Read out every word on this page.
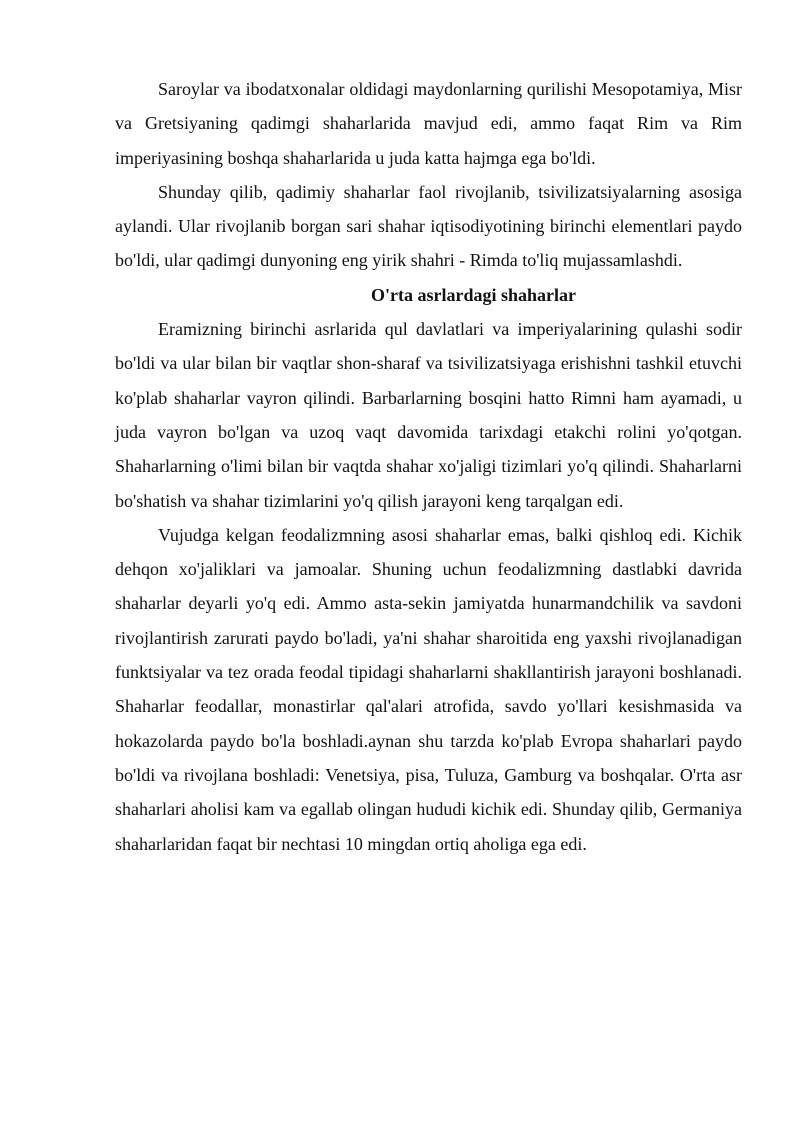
Saroylar va ibodatxonalar oldidagi maydonlarning qurilishi Mesopotamiya, Misr va Gretsiyaning qadimgi shaharlarida mavjud edi, ammo faqat Rim va Rim imperiyasining boshqa shaharlarida u juda katta hajmga ega bo'ldi.

Shunday qilib, qadimiy shaharlar faol rivojlanib, tsivilizatsiyalarning asosiga aylandi. Ular rivojlanib borgan sari shahar iqtisodiyotining birinchi elementlari paydo bo'ldi, ular qadimgi dunyoning eng yirik shahri - Rimda to'liq mujassamlashdi.

O'rta asrlardagi shaharlar

Eramizning birinchi asrlarida qul davlatlari va imperiyalarining qulashi sodir bo'ldi va ular bilan bir vaqtlar shon-sharaf va tsivilizatsiyaga erishishni tashkil etuvchi ko'plab shaharlar vayron qilindi. Barbarlarning bosqini hatto Rimni ham ayamadi, u juda vayron bo'lgan va uzoq vaqt davomida tarixdagi etakchi rolini yo'qotgan. Shaharlarning o'limi bilan bir vaqtda shahar xo'jaligi tizimlari yo'q qilindi. Shaharlarni bo'shatish va shahar tizimlarini yo'q qilish jarayoni keng tarqalgan edi.

Vujudga kelgan feodalizmning asosi shaharlar emas, balki qishloq edi. Kichik dehqon xo'jaliklari va jamoalar. Shuning uchun feodalizmning dastlabki davrida shaharlar deyarli yo'q edi. Ammo asta-sekin jamiyatda hunarmandchilik va savdoni rivojlantirish zarurati paydo bo'ladi, ya'ni shahar sharoitida eng yaxshi rivojlanadigan funktsiyalar va tez orada feodal tipidagi shaharlarni shakllantirish jarayoni boshlanadi. Shaharlar feodallar, monastirlar qal'alari atrofida, savdo yo'llari kesishmasida va hokazolarda paydo bo'la boshladi.aynan shu tarzda ko'plab Evropa shaharlari paydo bo'ldi va rivojlana boshladi: Venetsiya, pisa, Tuluza, Gamburg va boshqalar. O'rta asr shaharlari aholisi kam va egallab olingan hududi kichik edi. Shunday qilib, Germaniya shaharlaridan faqat bir nechtasi 10 mingdan ortiq aholiga ega edi.
